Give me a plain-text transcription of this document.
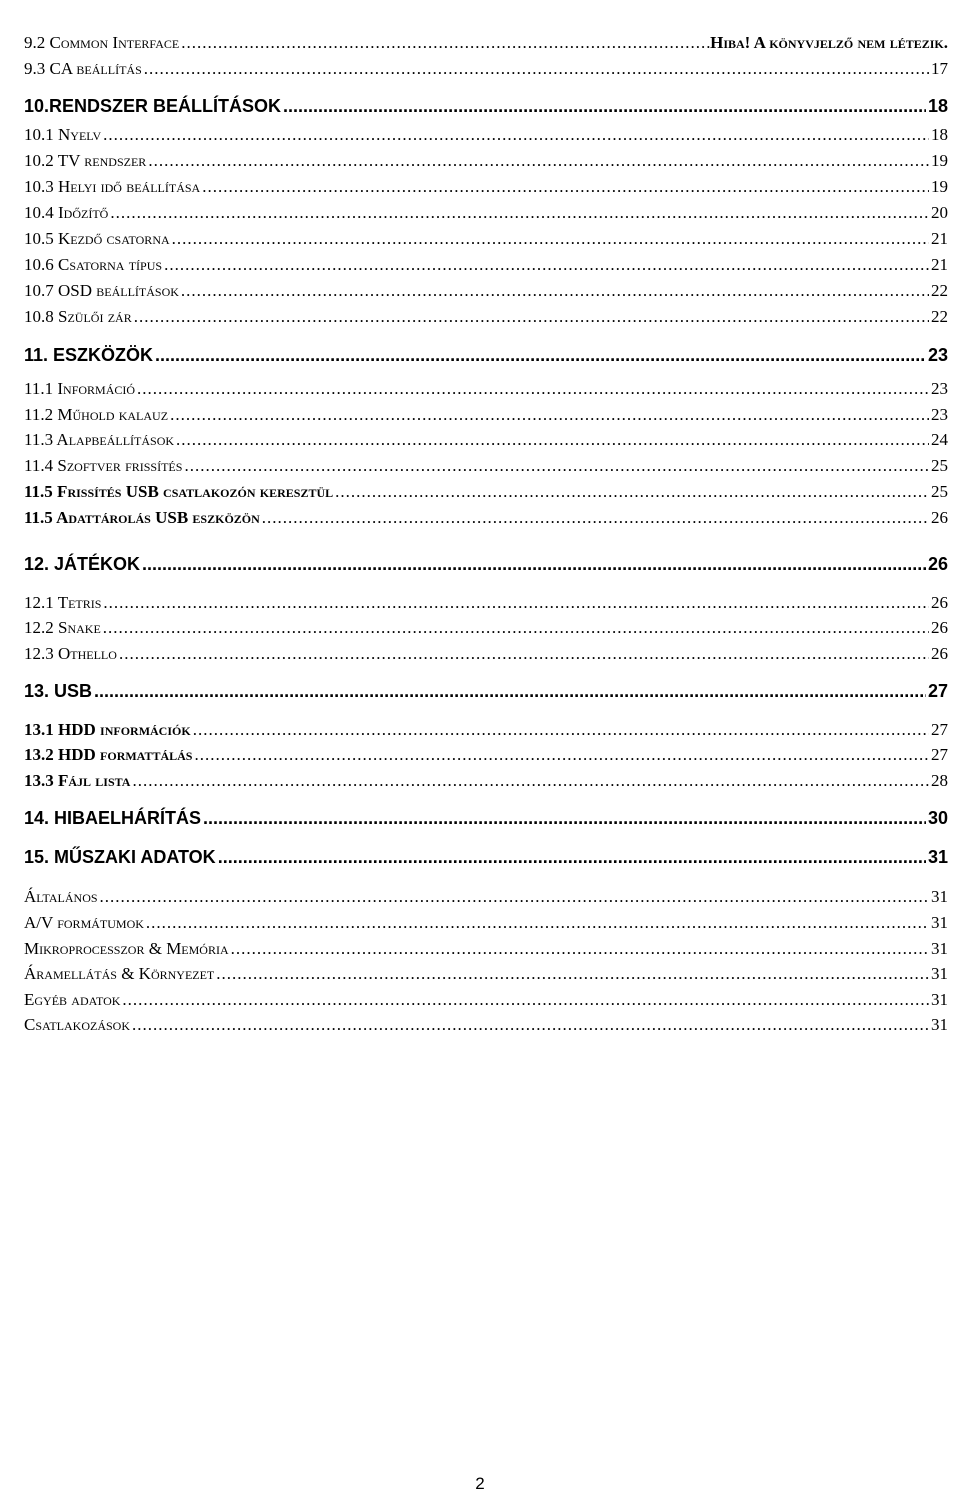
9.2 Common Interface .....	Hiba! A könyvjelző nem létezik.
9.3 CA beállítás .....	17
10.RENDSZER BEÁLLÍTÁSOK .....	18
10.1 Nyelv .....	18
10.2 TV rendszer .....	19
10.3 Helyi idő beállítása .....	19
10.4 Időzítő .....	20
10.5 Kezdő csatorna .....	21
10.6 Csatorna típus .....	21
10.7 OSD beállítások .....	22
10.8 Szülői zár .....	22
11. ESZKÖZÖK .....	23
11.1 Információ .....	23
11.2 Műhold kalauz .....	23
11.3 Alapbeállítások .....	24
11.4 Szoftver frissítés .....	25
11.5 Frissítés USB csatlakozón keresztül .....	25
11.5 Adattárolás USB eszközön .....	26
12. JÁTÉKOK .....	26
12.1 Tetris .....	26
12.2 Snake .....	26
12.3 Othello .....	26
13. USB .....	27
13.1 HDD információk .....	27
13.2 HDD formattálás .....	27
13.3 Fájl lista .....	28
14. HIBAELHÁRÍTÁS .....	30
15. MŰSZAKI ADATOK .....	31
Általános .....	31
A/V formátumok .....	31
Mikroprocesszor & Memória .....	31
Áramellátás & Környezet .....	31
Egyéb adatok .....	31
Csatlakozások .....	31
2
